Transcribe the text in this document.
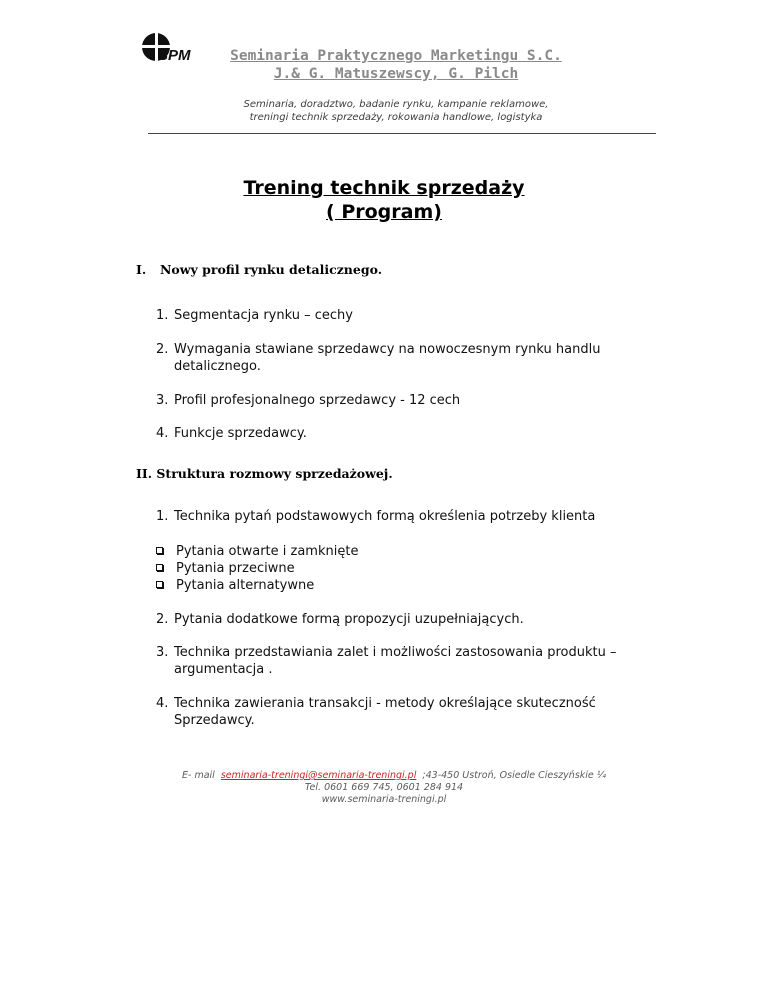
SPM	Seminaria Praktycznego Marketingu S.C.
J.& G. Matuszewscy, G. Pilch
Seminaria, doradztwo, badanie rynku, kampanie reklamowe,
treningi technik sprzedaży, rokowania handlowe, logistyka
Trening technik sprzedaży
( Program)
I. Nowy profil rynku detalicznego.
1. Segmentacja rynku – cechy
2. Wymagania stawiane sprzedawcy na nowoczesnym rynku handlu
detalicznego.
3. Profil profesjonalnego sprzedawcy - 12 cech
4. Funkcje sprzedawcy.
II. Struktura rozmowy sprzedażowej.
1. Technika pytań podstawowych formą określenia potrzeby klienta
Pytania otwarte i zamknięte
Pytania przeciwne
Pytania alternatywne
2. Pytania dodatkowe formą propozycji uzupełniających.
3. Technika przedstawiania zalet i możliwości zastosowania produktu –
argumentacja .
4. Technika zawierania transakcji - metody określające skuteczność
Sprzedawcy.
E- mail seminaria-treningi@seminaria-treningi.pl ;43-450 Ustroń, Osiedle Cieszyńskie ¼
Tel. 0601 669 745, 0601 284 914
www.seminaria-treningi.pl
